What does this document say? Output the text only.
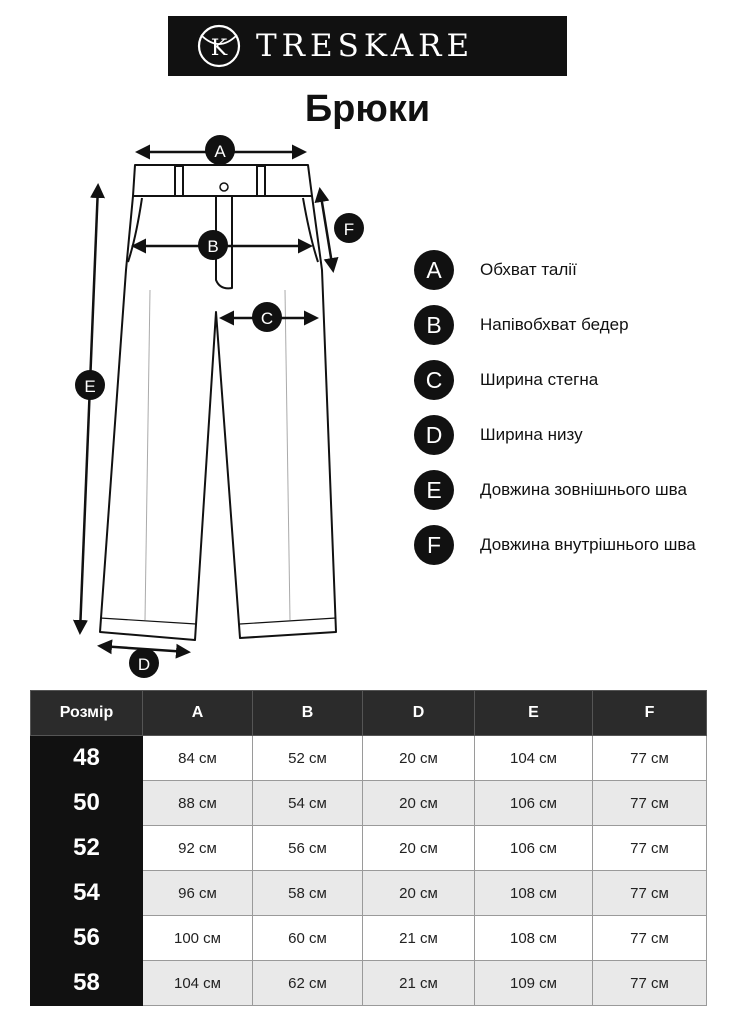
K TRESKARE
Брюки
A
B
C
D
E
F
A	Обхват талії
B	Напівобхват бедер
C	Ширина стегна
D	Ширина низу
E	Довжина зовнішнього шва
F	Довжина внутрішнього шва
Розмір	A	B	D	E	F
48	84 см	52 см	20 см	104 см	77 см
50	88 см	54 см	20 см	106 см	77 см
52	92 см	56 см	20 см	106 см	77 см
54	96 см	58 см	20 см	108 см	77 см
56	100 см	60 см	21 см	108 см	77 см
58	104 см	62 см	21 см	109 см	77 см
